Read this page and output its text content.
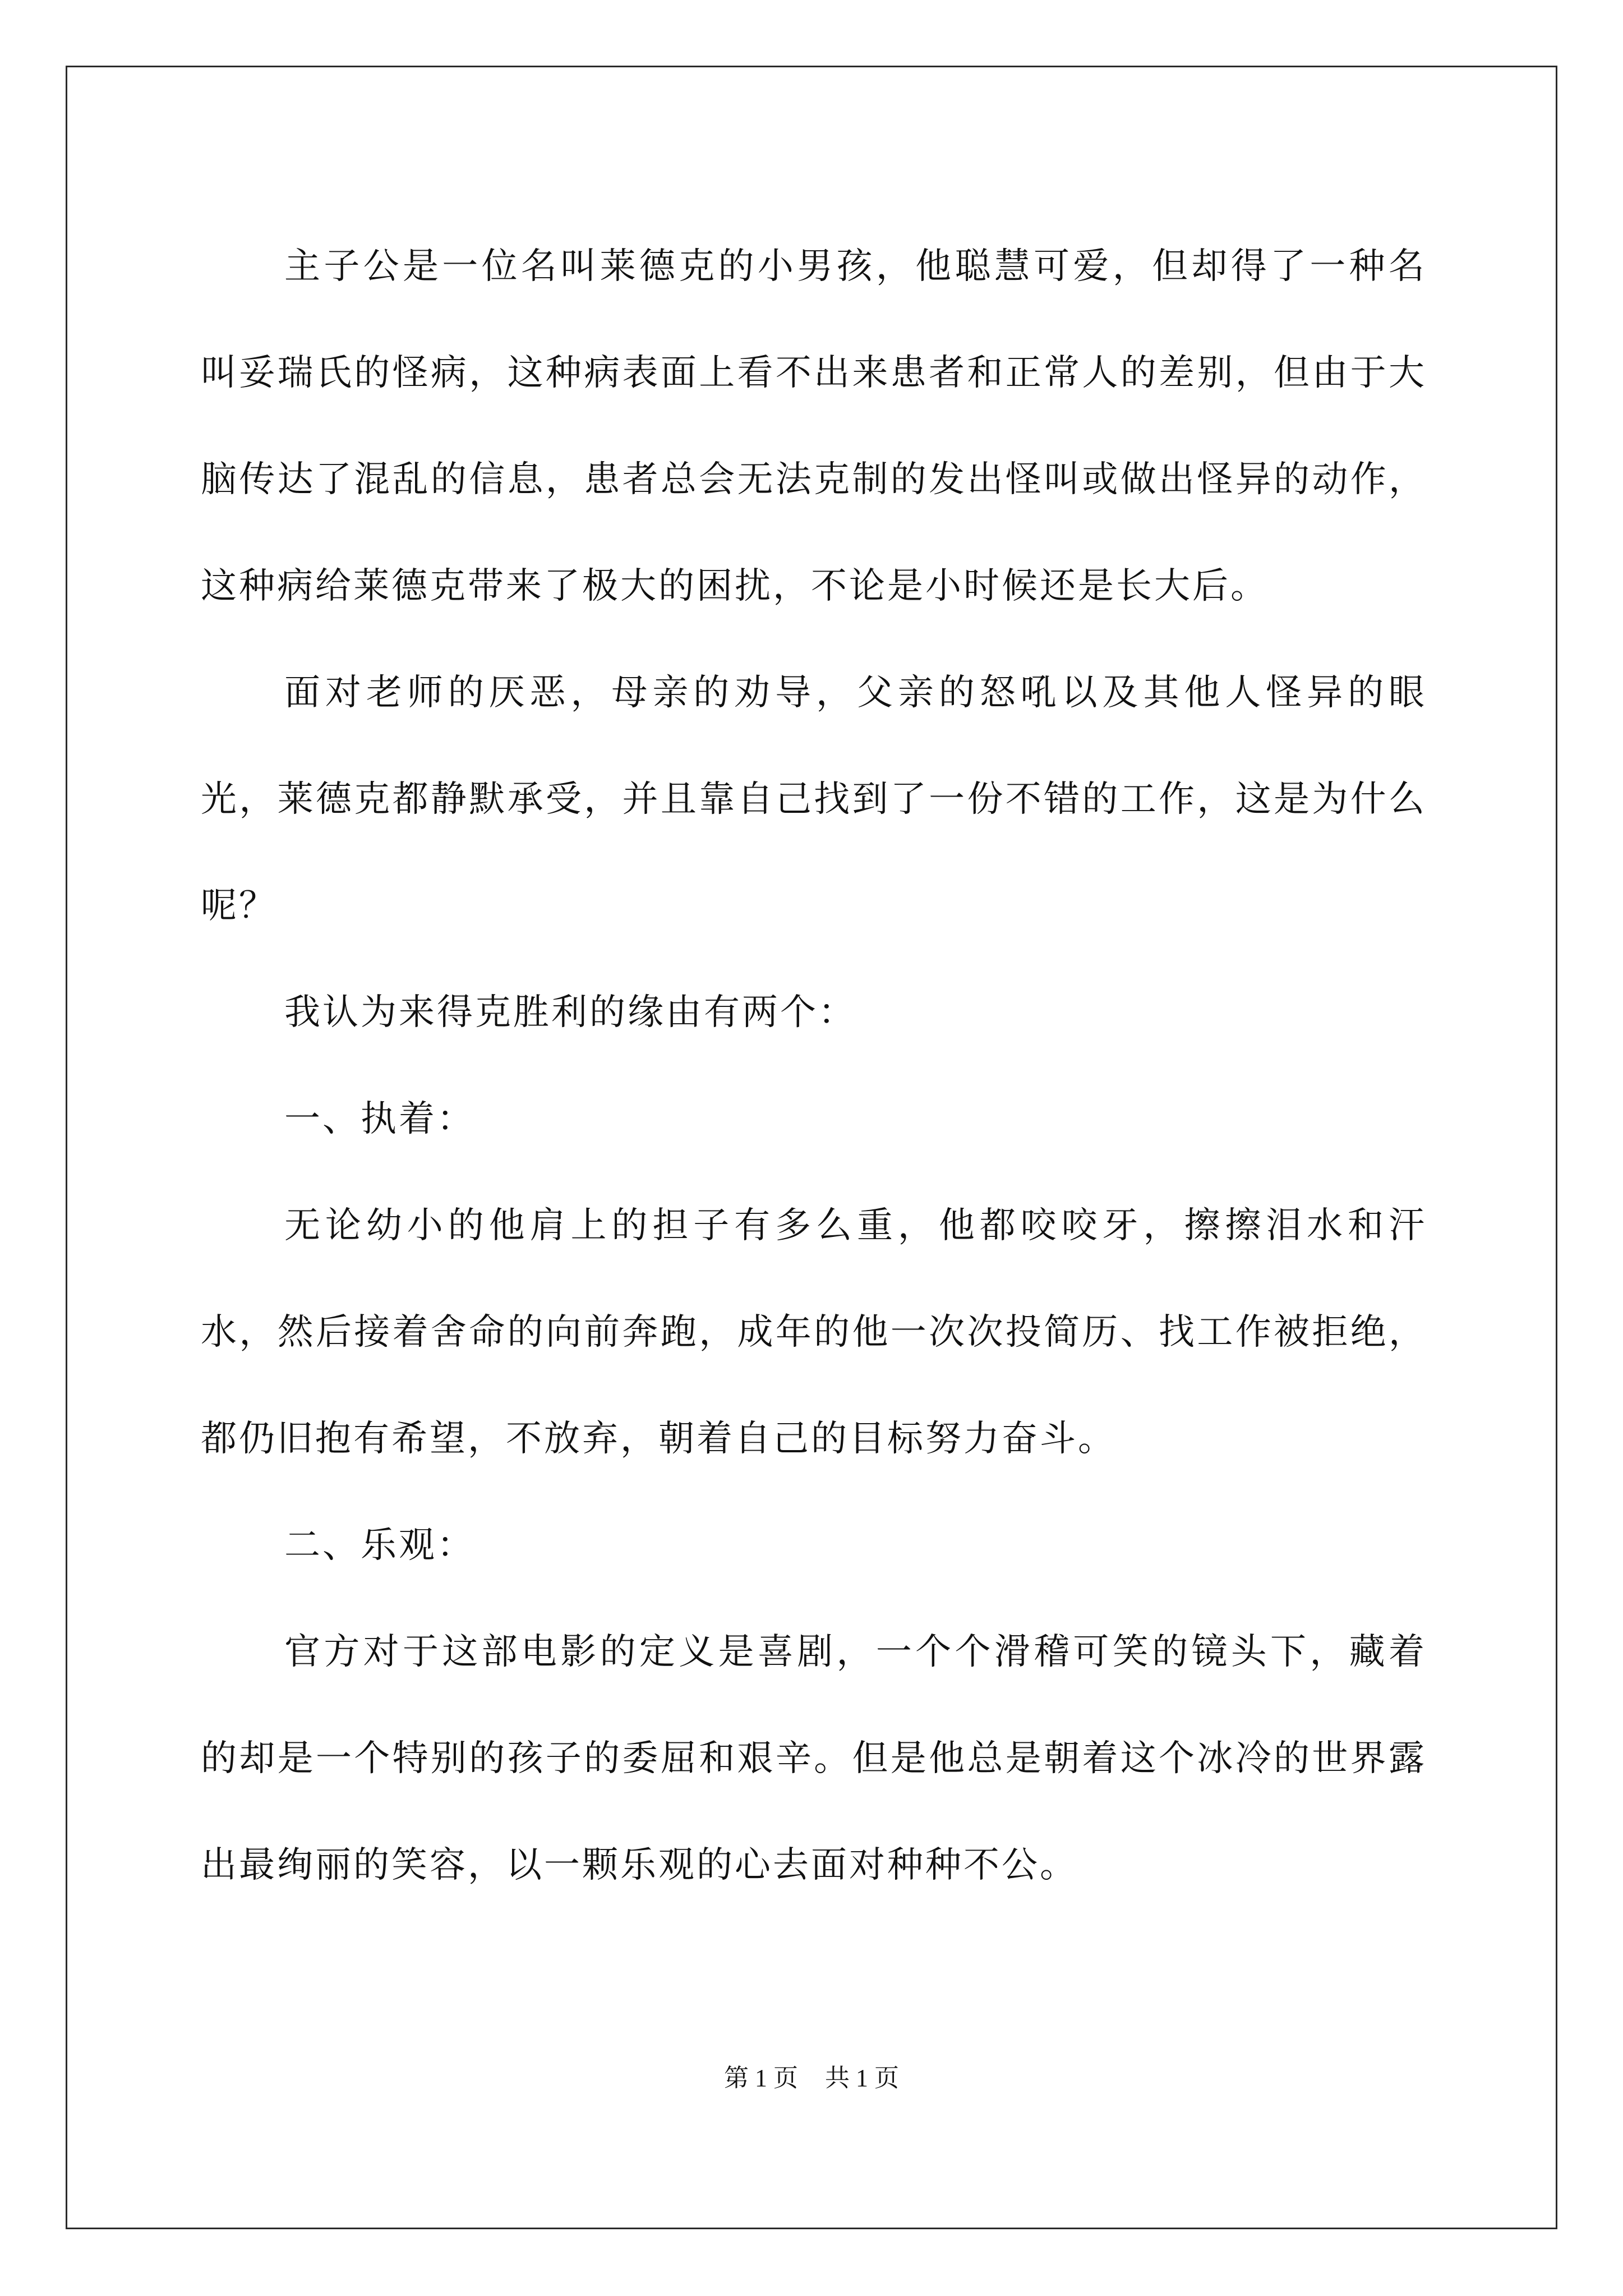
主子公是一位名叫莱德克的小男孩，他聪慧可爱，但却得了一种名叫妥瑞氏的怪病，这种病表面上看不出来患者和正常人的差别，但由于大脑传达了混乱的信息，患者总会无法克制的发出怪叫或做出怪异的动作，这种病给莱德克带来了极大的困扰，不论是小时候还是长大后。

面对老师的厌恶，母亲的劝导，父亲的怒吼以及其他人怪异的眼光，莱德克都静默承受，并且靠自己找到了一份不错的工作，这是为什么呢？

我认为来得克胜利的缘由有两个：

一、执着：

无论幼小的他肩上的担子有多么重，他都咬咬牙，擦擦泪水和汗水，然后接着舍命的向前奔跑，成年的他一次次投简历、找工作被拒绝，都仍旧抱有希望，不放弃，朝着自己的目标努力奋斗。

二、乐观：

官方对于这部电影的定义是喜剧，一个个滑稽可笑的镜头下，藏着的却是一个特别的孩子的委屈和艰辛。但是他总是朝着这个冰冷的世界露出最绚丽的笑容，以一颗乐观的心去面对种种不公。

第 1 页 共 1 页
